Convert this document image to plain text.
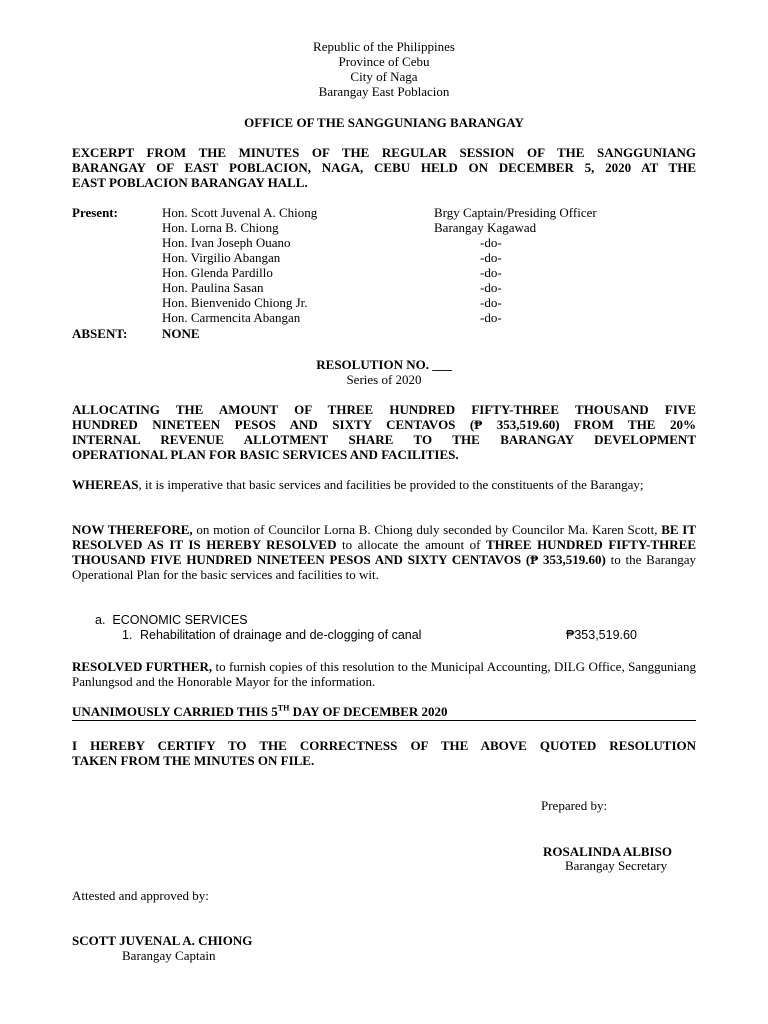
Republic of the Philippines
Province of Cebu
City of Naga
Barangay East Poblacion
OFFICE OF THE SANGGUNIANG BARANGAY
EXCERPT FROM THE MINUTES OF THE REGULAR SESSION OF THE SANGGUNIANG
BARANGAY OF EAST POBLACION, NAGA, CEBU HELD ON DECEMBER 5, 2020 AT THE
EAST POBLACION BARANGAY HALL.
Present:	Hon. Scott Juvenal A. Chiong	Brgy Captain/Presiding Officer
Hon. Lorna B. Chiong	Barangay Kagawad
Hon. Ivan Joseph Ouano	-do-
Hon. Virgilio Abangan	-do-
Hon. Glenda Pardillo	-do-
Hon. Paulina Sasan	-do-
Hon. Bienvenido Chiong Jr.	-do-
Hon. Carmencita Abangan	-do-
ABSENT:	NONE
RESOLUTION NO. ___
Series of 2020
ALLOCATING THE AMOUNT OF THREE HUNDRED FIFTY-THREE THOUSAND FIVE
HUNDRED NINETEEN PESOS AND SIXTY CENTAVOS (₱ 353,519.60) FROM THE 20%
INTERNAL REVENUE ALLOTMENT SHARE TO THE BARANGAY DEVELOPMENT
OPERATIONAL PLAN FOR BASIC SERVICES AND FACILITIES.
WHEREAS, it is imperative that basic services and facilities be provided to the constituents of the Barangay;
NOW THEREFORE, on motion of Councilor Lorna B. Chiong duly seconded by Councilor Ma. Karen Scott, BE IT RESOLVED AS IT IS HEREBY RESOLVED to allocate the amount of THREE HUNDRED FIFTY-THREE THOUSAND FIVE HUNDRED NINETEEN PESOS AND SIXTY CENTAVOS (₱ 353,519.60) to the Barangay Operational Plan for the basic services and facilities to wit.
a.  ECONOMIC SERVICES
1. Rehabilitation of drainage and de-clogging of canal	₱353,519.60
RESOLVED FURTHER, to furnish copies of this resolution to the Municipal Accounting, DILG Office, Sangguniang Panlungsod and the Honorable Mayor for the information.
UNANIMOUSLY CARRIED THIS 5TH DAY OF DECEMBER 2020
I HEREBY CERTIFY TO THE CORRECTNESS OF THE ABOVE QUOTED RESOLUTION
TAKEN FROM THE MINUTES ON FILE.
Prepared by:
ROSALINDA ALBISO
Barangay Secretary
Attested and approved by:
SCOTT JUVENAL A. CHIONG
Barangay Captain
